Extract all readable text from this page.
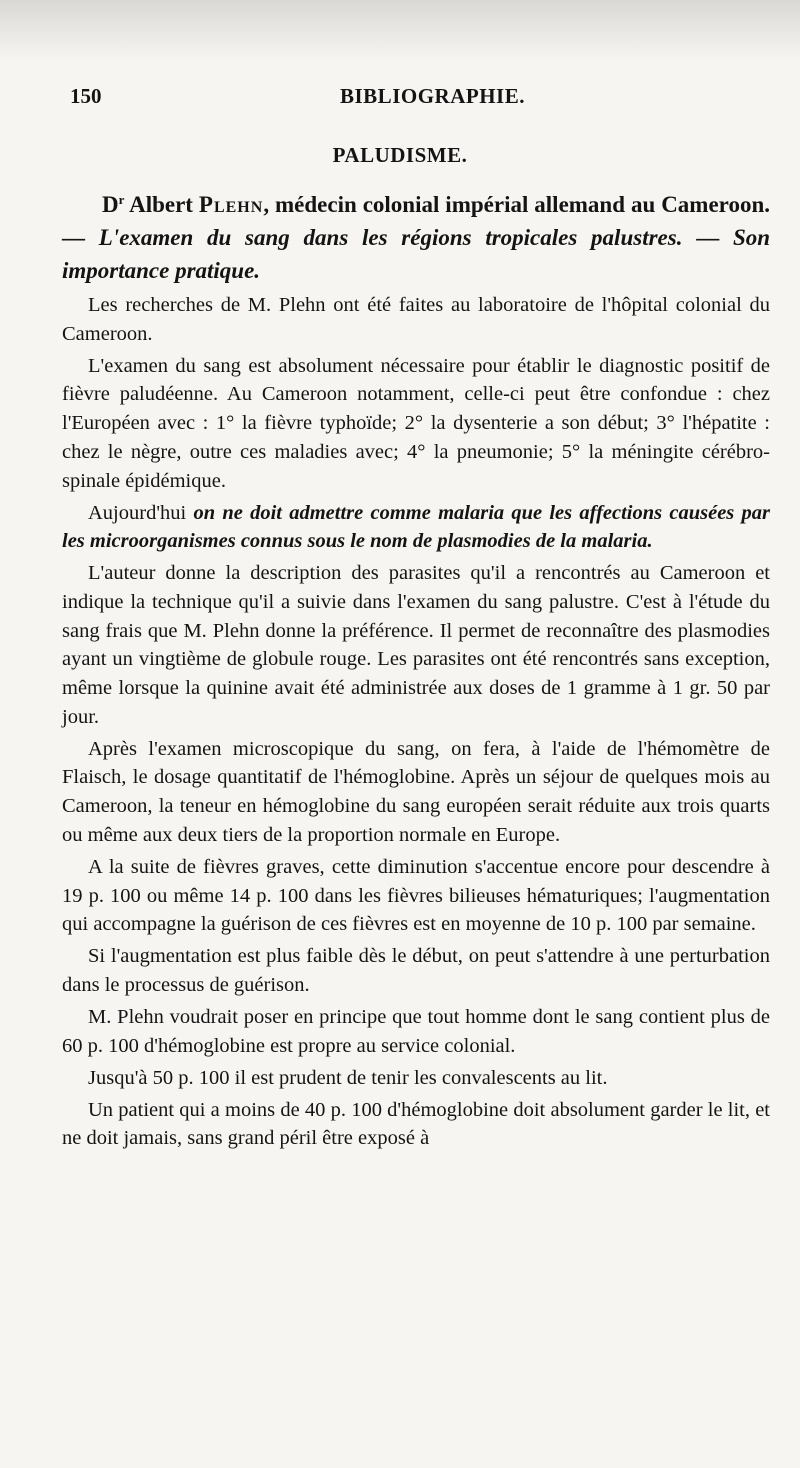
150	BIBLIOGRAPHIE.
PALUDISME.
$D^r$ Albert Plehn, médecin colonial impérial allemand au Cameroon. — L'examen du sang dans les régions tropicales palustres. — Son importance pratique.

Les recherches de M. Plehn ont été faites au laboratoire de l'hôpital colonial du Cameroon.

L'examen du sang est absolument nécessaire pour établir le diagnostic positif de fièvre paludéenne. Au Cameroon notamment, celle-ci peut être confondue : chez l'Européen avec : 1° la fièvre typhoïde; 2° la dysenterie a son début; 3° l'hépatite : chez le nègre, outre ces maladies avec; 4° la pneumonie; 5° la méningite cérébro-spinale épidémique.

Aujourd'hui on ne doit admettre comme malaria que les affections causées par les microorganismes connus sous le nom de plasmodies de la malaria.

L'auteur donne la description des parasites qu'il a rencontrés au Cameroon et indique la technique qu'il a suivie dans l'examen du sang palustre. C'est à l'étude du sang frais que M. Plehn donne la préférence. Il permet de reconnaître des plasmodies ayant un vingtième de globule rouge. Les parasites ont été rencontrés sans exception, même lorsque la quinine avait été administrée aux doses de 1 gramme à 1 gr. 50 par jour.

Après l'examen microscopique du sang, on fera, à l'aide de l'hémomètre de Flaisch, le dosage quantitatif de l'hémoglobine. Après un séjour de quelques mois au Cameroon, la teneur en hémoglobine du sang européen serait réduite aux trois quarts ou même aux deux tiers de la proportion normale en Europe.

A la suite de fièvres graves, cette diminution s'accentue encore pour descendre à 19 p. 100 ou même 14 p. 100 dans les fièvres bilieuses hématuriques; l'augmentation qui accompagne la guérison de ces fièvres est en moyenne de 10 p. 100 par semaine.

Si l'augmentation est plus faible dès le début, on peut s'attendre à une perturbation dans le processus de guérison.

M. Plehn voudrait poser en principe que tout homme dont le sang contient plus de 60 p. 100 d'hémoglobine est propre au service colonial.

Jusqu'à 50 p. 100 il est prudent de tenir les convalescents au lit.

Un patient qui a moins de 40 p. 100 d'hémoglobine doit absolument garder le lit, et ne doit jamais, sans grand péril être exposé à
